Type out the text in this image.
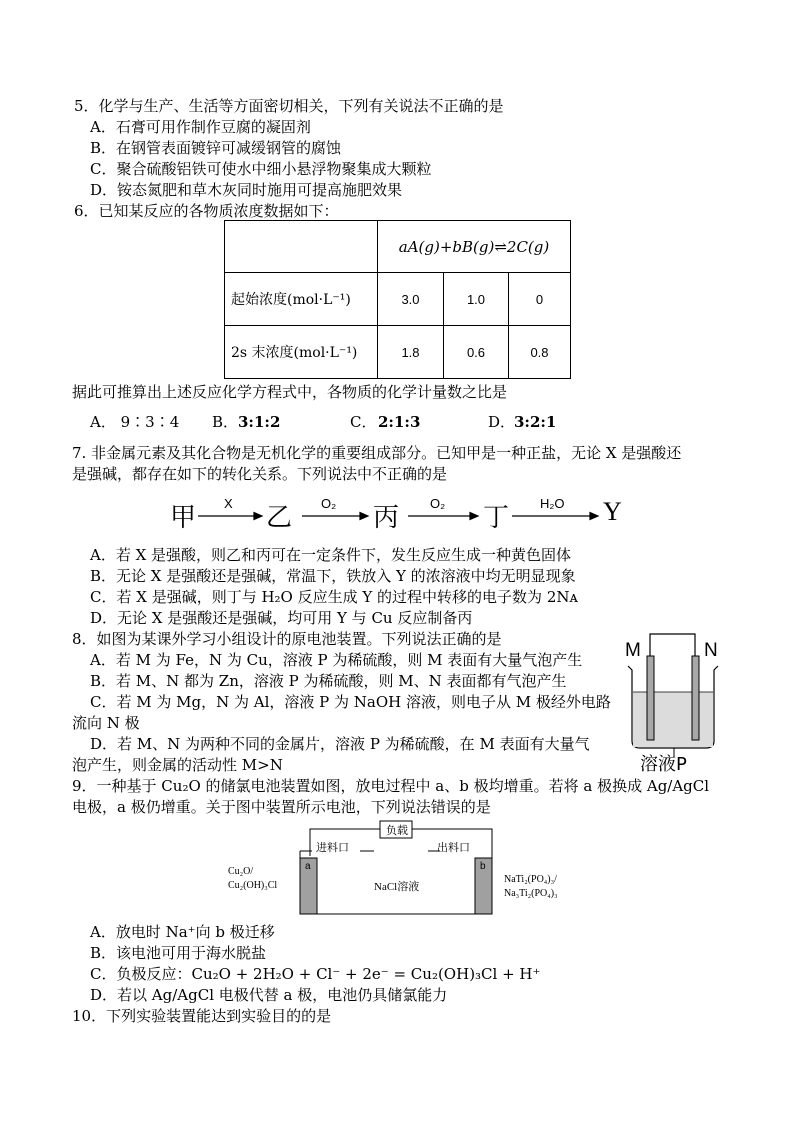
5．化学与生产、生活等方面密切相关，下列有关说法不正确的是
A．石膏可用作制作豆腐的凝固剂
B．在钢管表面镀锌可减缓钢管的腐蚀
C．聚合硫酸铝铁可使水中细小悬浮物聚集成大颗粒
D．铵态氮肥和草木灰同时施用可提高施肥效果
6．已知某反应的各物质浓度数据如下：
	aA(g)+bB(g)⇌2C(g)		
起始浓度(mol·L⁻¹)	3.0	1.0	0
2s 末浓度(mol·L⁻¹)	1.8	0.6	0.8
据此可推算出上述反应化学方程式中，各物质的化学计量数之比是
A． 9∶3∶4 B． 3:1:2	C． 2:1:3	D．
3:2:1
7. 非金属元素及其化合物是无机化学的重要组成部分。已知甲是一种正盐，无论 X 是强酸还
是强碱，都存在如下的转化关系。下列说法中不正确的是
甲	乙	丙	丁	Y
X	O₂	O₂	H₂O
A．若 X 是强酸，则乙和丙可在一定条件下，发生反应生成一种黄色固体
B．无论 X 是强酸还是强碱，常温下，铁放入 Y 的浓溶液中均无明显现象
C．若 X 是强碱，则丁与 H₂O 反应生成 Y 的过程中转移的电子数为 2Nᴀ
D．无论 X 是强酸还是强碱，均可用 Y 与 Cu 反应制备丙
8．如图为某课外学习小组设计的原电池装置。下列说法正确的是
A．若 M 为 Fe，N 为 Cu，溶液 P 为稀硫酸，则 M 表面有大量气泡产生
B．若 M、N 都为 Zn，溶液 P 为稀硫酸，则 M、N 表面都有气泡产生
C．若 M 为 Mg，N 为 Al，溶液 P 为 NaOH 溶液，则电子从 M 极经外电路
流向 N 极
D．若 M、N 为两种不同的金属片，溶液 P 为稀硫酸，在 M 表面有大量气
泡产生，则金属的活动性 M>N
M	N
溶液P
9．一种基于 Cu₂O 的储氯电池装置如图，放电过程中 a、b 极均增重。若将 a 极换成 Ag/AgCl
电极，a 极仍增重。关于图中装置所示电池，下列说法错误的是
负载
进料口	出料口
a	b
Cu₂O/
Cu₂(OH)₃Cl	NaCl溶液
NaTi₂(PO₄)₃/
Na₃Ti₂(PO₄)₃
A．放电时 Na⁺向 b 极迁移
B．该电池可用于海水脱盐
C．负极反应：Cu₂O + 2H₂O + Cl⁻ + 2e⁻ = Cu₂(OH)₃Cl + H⁺
D．若以 Ag/AgCl 电极代替 a 极，电池仍具储氯能力
10．下列实验装置能达到实验目的的是
